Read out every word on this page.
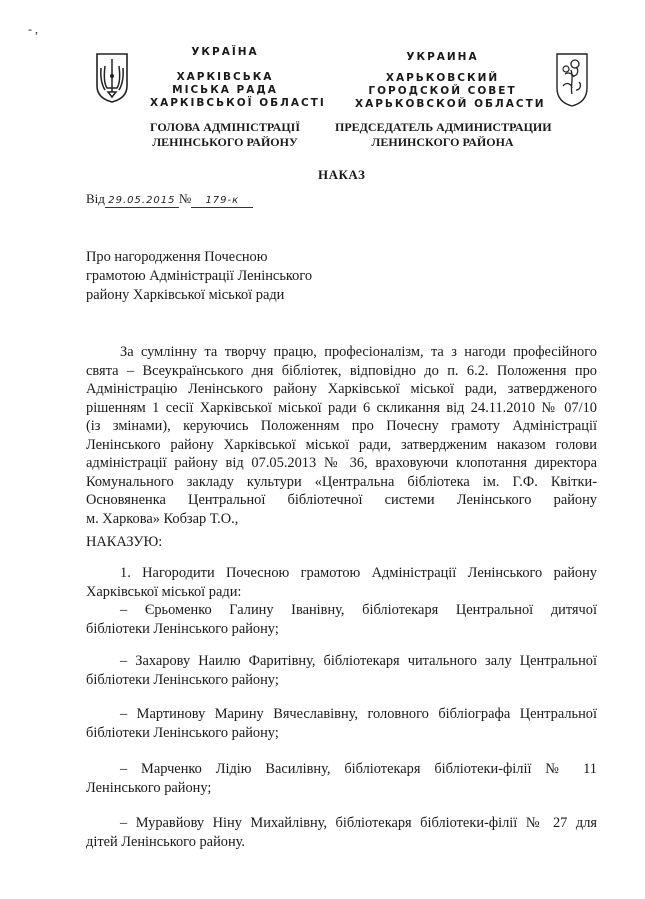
- ,
УКРАЇНА
ХАРКІВСЬКА
МІСЬКА РАДА
ХАРКІВСЬКОЇ ОБЛАСТІ
ГОЛОВА АДМІНІСТРАЦІЇ
ЛЕНІНСЬКОГО РАЙОНУ
УКРАИНА
ХАРЬКОВСКИЙ
ГОРОДСКОЙ СОВЕТ
ХАРЬКОВСКОЙ ОБЛАСТИ
ПРЕДСЕДАТЕЛЬ АДМИНИСТРАЦИИ
ЛЕНИНСКОГО РАЙОНА
НАКАЗ
Від 29.05.2015 № 179-к
Про нагородження Почесною
грамотою Адміністрації Ленінського
району Харківської міської ради
За сумлінну та творчу працю, професіоналізм, та з нагоди професійного
свята – Всеукраїнського дня бібліотек, відповідно до п. 6.2. Положення про
Адміністрацію Ленінського району Харківської міської ради, затвердженого
рішенням 1 сесії Харківської міської ради 6 скликання від 24.11.2010 № 07/10
(із змінами), керуючись Положенням про Почесну грамоту Адміністрації
Ленінського району Харківської міської ради, затвердженим наказом голови
адміністрації району від 07.05.2013 № 36, враховуючи клопотання директора
Комунального закладу культури «Центральна бібліотека ім. Г.Ф. Квітки-
Основяненка Центральної бібліотечної системи Ленінського району
м. Харкова» Кобзар Т.О.,
НАКАЗУЮ:
1. Нагородити Почесною грамотою Адміністрації Ленінського району
Харківської міської ради:
– Єрьоменко Галину Іванівну, бібліотекаря Центральної дитячої
бібліотеки Ленінського району;
– Захарову Наилю Фаритівну, бібліотекаря читального залу Центральної
бібліотеки Ленінського району;
– Мартинову Марину Вячеславівну, головного бібліографа Центральної
бібліотеки Ленінського району;
– Марченко Лідію Василівну, бібліотекаря бібліотеки-філії № 11
Ленінського району;
– Муравйову Ніну Михайлівну, бібліотекаря бібліотеки-філії № 27 для
дітей Ленінського району.
